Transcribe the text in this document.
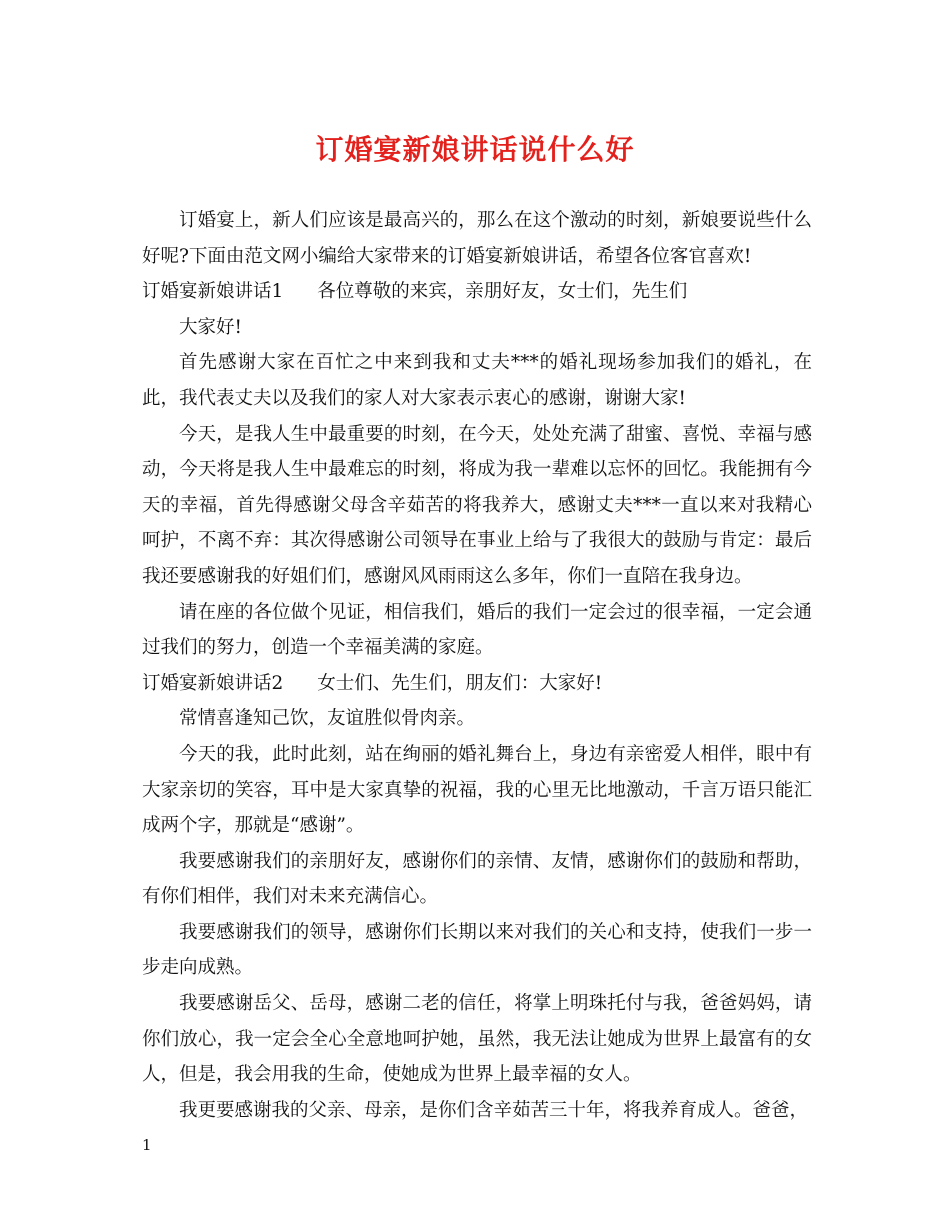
订婚宴新娘讲话说什么好

订婚宴上，新人们应该是最高兴的，那么在这个激动的时刻，新娘要说些什么好呢?下面由范文网小编给大家带来的订婚宴新娘讲话，希望各位客官喜欢!

订婚宴新娘讲话1 各位尊敬的来宾，亲朋好友，女士们，先生们

大家好!

首先感谢大家在百忙之中来到我和丈夫***的婚礼现场参加我们的婚礼，在此，我代表丈夫以及我们的家人对大家表示衷心的感谢，谢谢大家!

今天，是我人生中最重要的时刻，在今天，处处充满了甜蜜、喜悦、幸福与感动，今天将是我人生中最难忘的时刻，将成为我一辈难以忘怀的回忆。我能拥有今天的幸福，首先得感谢父母含辛茹苦的将我养大，感谢丈夫***一直以来对我精心呵护，不离不弃：其次得感谢公司领导在事业上给与了我很大的鼓励与肯定：最后我还要感谢我的好姐们们，感谢风风雨雨这么多年，你们一直陪在我身边。

请在座的各位做个见证，相信我们，婚后的我们一定会过的很幸福，一定会通过我们的努力，创造一个幸福美满的家庭。

订婚宴新娘讲话2 女士们、先生们，朋友们：大家好!

常情喜逢知己饮，友谊胜似骨肉亲。

今天的我，此时此刻，站在绚丽的婚礼舞台上，身边有亲密爱人相伴，眼中有大家亲切的笑容，耳中是大家真挚的祝福，我的心里无比地激动，千言万语只能汇成两个字，那就是“感谢”。

我要感谢我们的亲朋好友，感谢你们的亲情、友情，感谢你们的鼓励和帮助，有你们相伴，我们对未来充满信心。

我要感谢我们的领导，感谢你们长期以来对我们的关心和支持，使我们一步一步走向成熟。

我要感谢岳父、岳母，感谢二老的信任，将掌上明珠托付与我，爸爸妈妈，请你们放心，我一定会全心全意地呵护她，虽然，我无法让她成为世界上最富有的女人，但是，我会用我的生命，使她成为世界上最幸福的女人。

我更要感谢我的父亲、母亲，是你们含辛茹苦三十年，将我养育成人。爸爸，

1
